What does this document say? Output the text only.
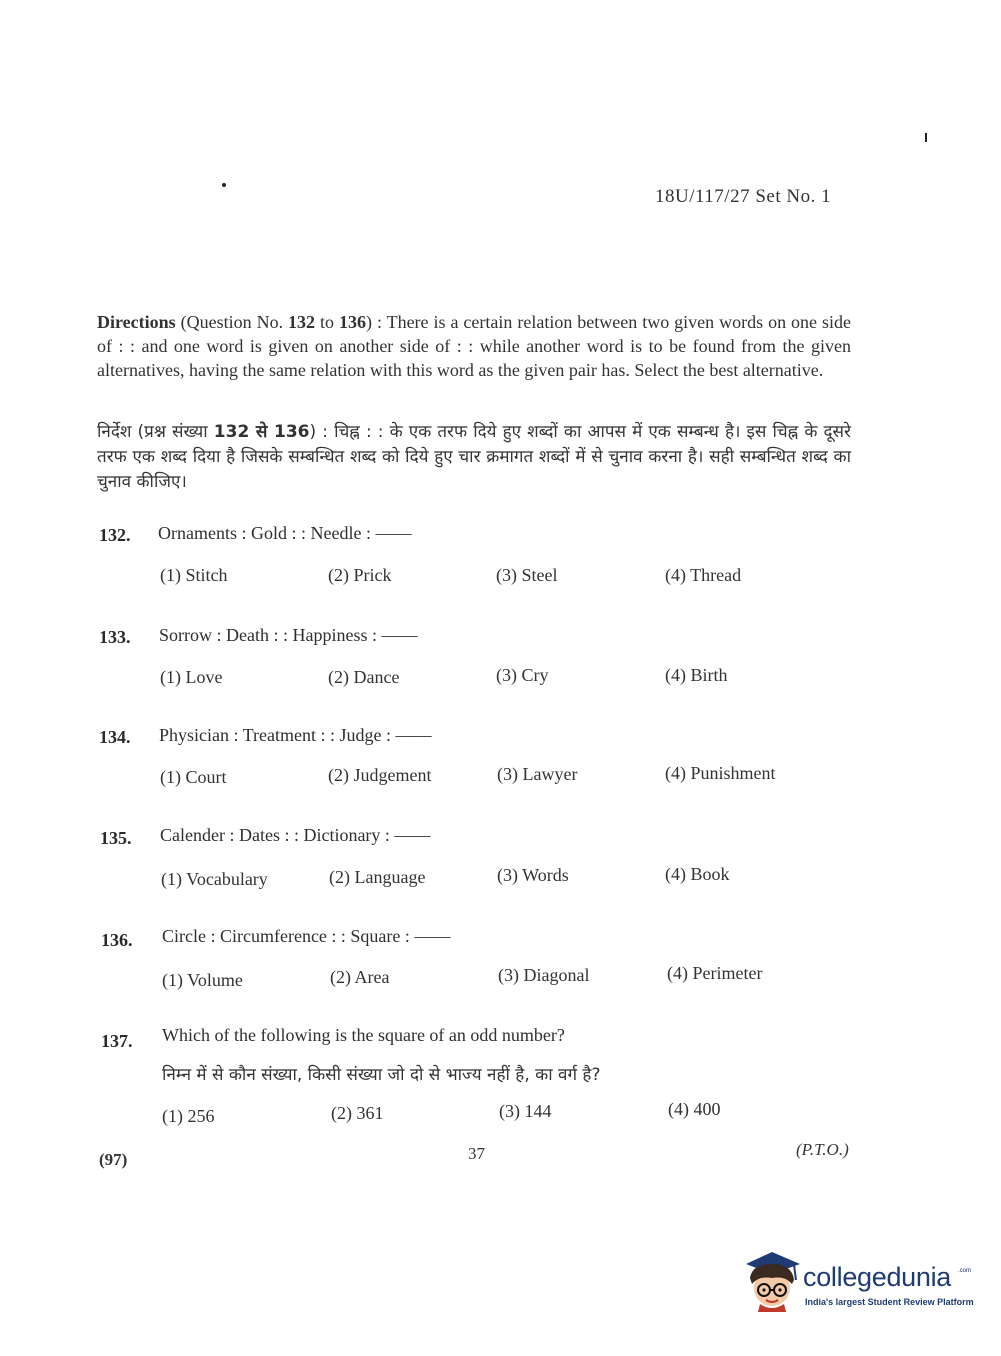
18U/117/27 Set No. 1
Directions (Question No. 132 to 136) : There is a certain relation between two given words on one side of : : and one word is given on another side of : : while another word is to be found from the given alternatives, having the same relation with this word as the given pair has. Select the best alternative.
निर्देश (प्रश्न संख्या 132 से 136) : चिह्न : : के एक तरफ दिये हुए शब्दों का आपस में एक सम्बन्ध है। इस चिह्न के दूसरे तरफ एक शब्द दिया है जिसके सम्बन्धित शब्द को दिये हुए चार क्रमागत शब्दों में से चुनाव करना है। सही सम्बन्धित शब्द का चुनाव कीजिए।
132. Ornaments : Gold : : Needle : ——
(1) Stitch	(2) Prick	(3) Steel	(4) Thread
133. Sorrow : Death : : Happiness : ——
(1) Love	(2) Dance	(3) Cry	(4) Birth
134. Physician : Treatment : : Judge : ——
(1) Court	(2) Judgement	(3) Lawyer	(4) Punishment
135. Calender : Dates : : Dictionary : ——
(1) Vocabulary	(2) Language	(3) Words	(4) Book
136. Circle : Circumference : : Square : ——
(1) Volume	(2) Area	(3) Diagonal	(4) Perimeter
137. Which of the following is the square of an odd number?
निम्न में से कौन संख्या, किसी संख्या जो दो से भाज्य नहीं है, का वर्ग है?
(1) 256	(2) 361	(3) 144	(4) 400
(97)	37	(P.T.O.)
collegedunia .com
India's largest Student Review Platform
